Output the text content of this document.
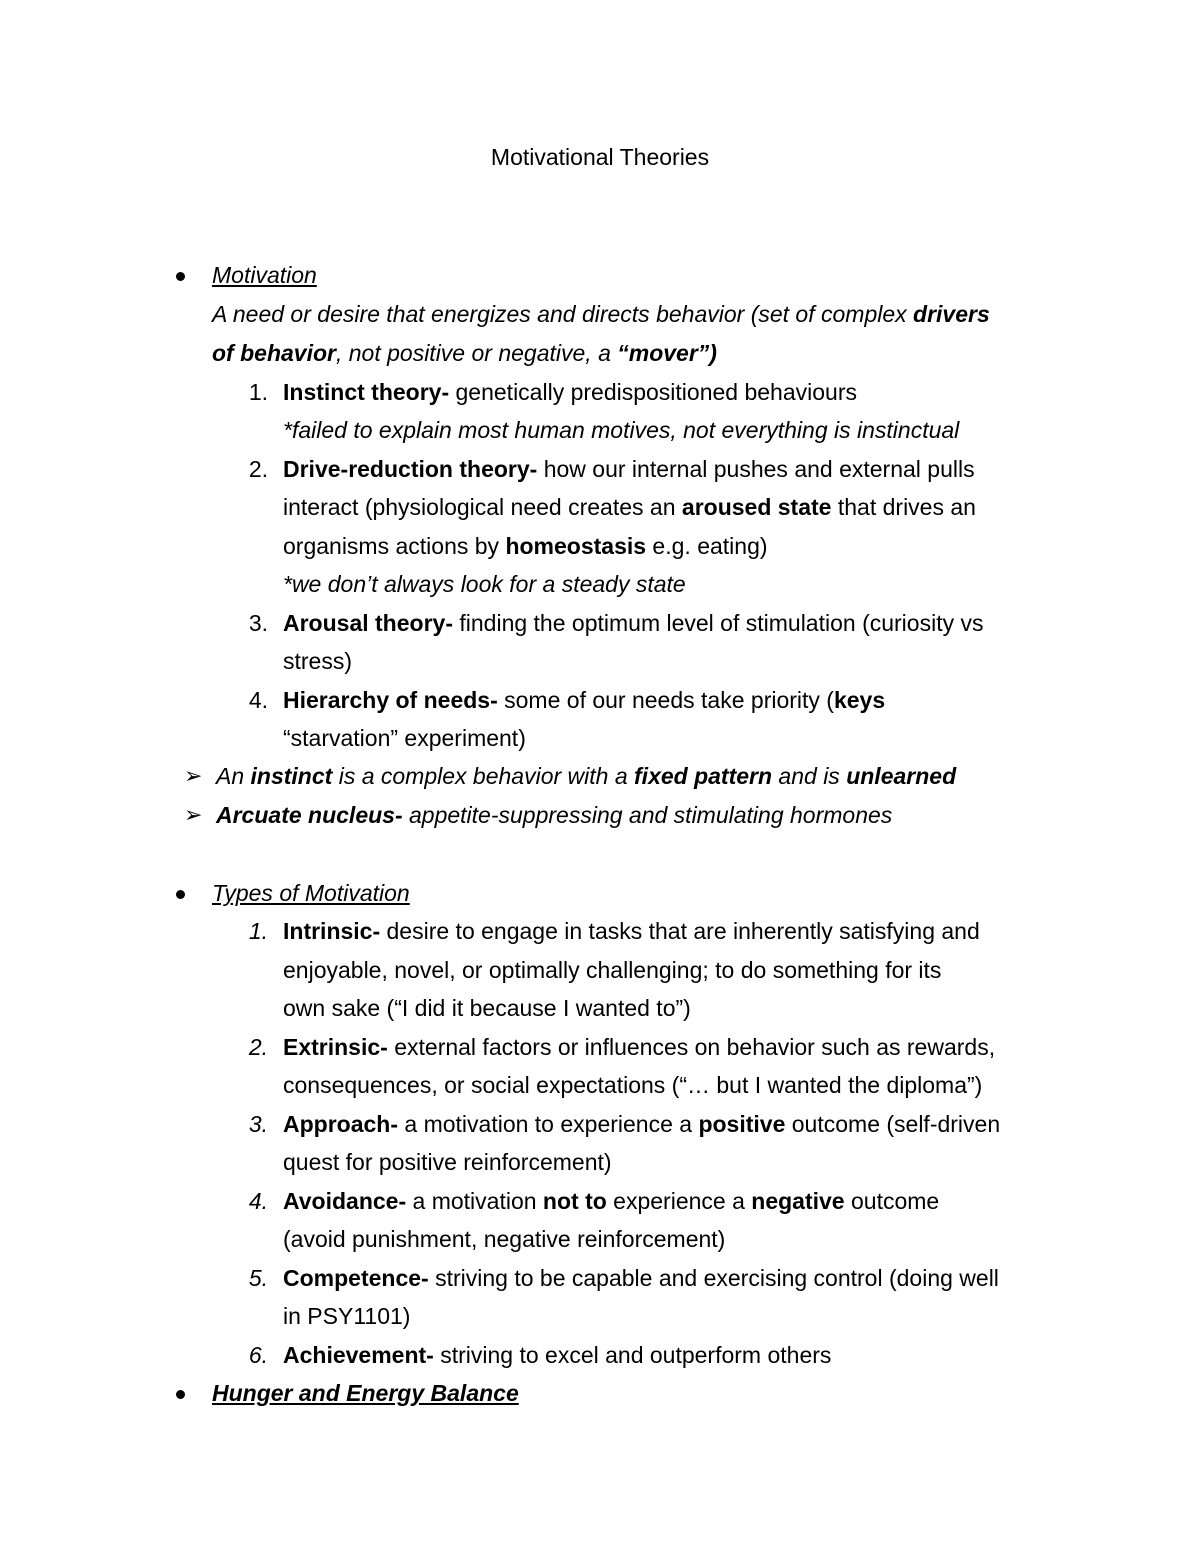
Motivational Theories
Motivation
A need or desire that energizes and directs behavior (set of complex drivers
of behavior, not positive or negative, a “mover”)
1. Instinct theory- genetically predispositioned behaviours
*failed to explain most human motives, not everything is instinctual
2. Drive-reduction theory- how our internal pushes and external pulls
interact (physiological need creates an aroused state that drives an
organisms actions by homeostasis e.g. eating)
*we don’t always look for a steady state
3. Arousal theory- finding the optimum level of stimulation (curiosity vs
stress)
4. Hierarchy of needs- some of our needs take priority (keys
“starvation” experiment)
➢ An instinct is a complex behavior with a fixed pattern and is unlearned
➢ Arcuate nucleus- appetite-suppressing and stimulating hormones
Types of Motivation
1. Intrinsic- desire to engage in tasks that are inherently satisfying and
enjoyable, novel, or optimally challenging; to do something for its
own sake (“I did it because I wanted to”)
2. Extrinsic- external factors or influences on behavior such as rewards,
consequences, or social expectations (“… but I wanted the diploma”)
3. Approach- a motivation to experience a positive outcome (self-driven
quest for positive reinforcement)
4. Avoidance- a motivation not to experience a negative outcome
(avoid punishment, negative reinforcement)
5. Competence- striving to be capable and exercising control (doing well
in PSY1101)
6. Achievement- striving to excel and outperform others
Hunger and Energy Balance
